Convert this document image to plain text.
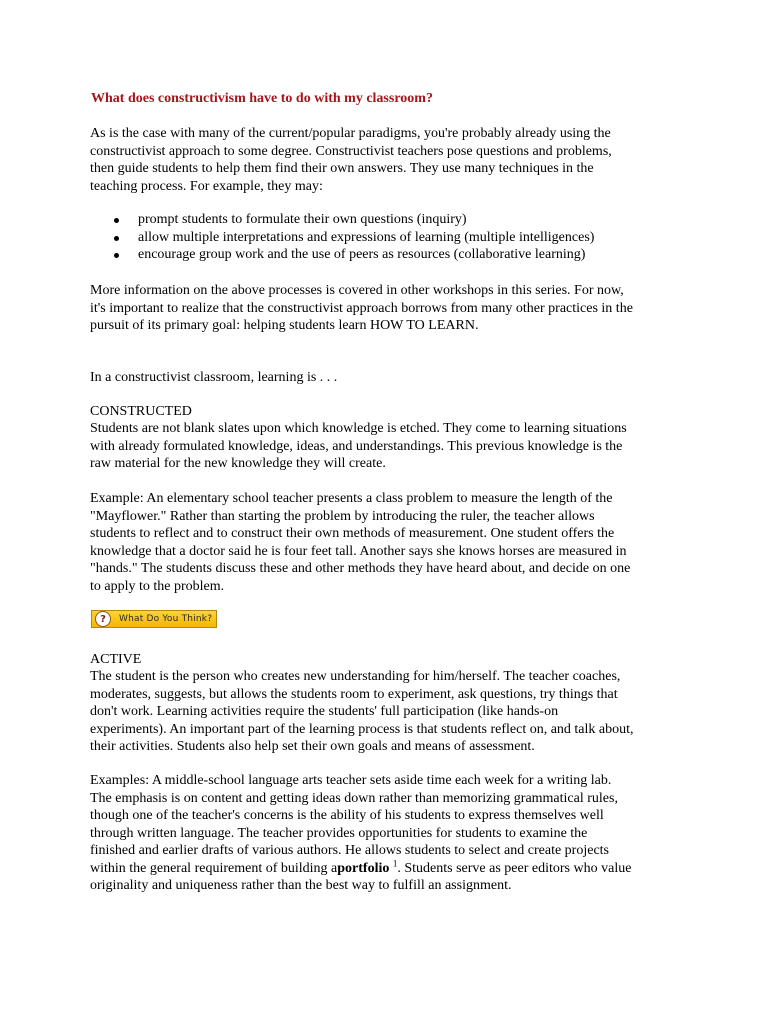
What does constructivism have to do with my classroom?

As is the case with many of the current/popular paradigms, you're probably already using the
constructivist approach to some degree. Constructivist teachers pose questions and problems,
then guide students to help them find their own answers. They use many techniques in the
teaching process. For example, they may:

prompt students to formulate their own questions (inquiry)
allow multiple interpretations and expressions of learning (multiple intelligences)
encourage group work and the use of peers as resources (collaborative learning)

More information on the above processes is covered in other workshops in this series. For now,
it's important to realize that the constructivist approach borrows from many other practices in the
pursuit of its primary goal: helping students learn HOW TO LEARN.

In a constructivist classroom, learning is . . .

CONSTRUCTED

Students are not blank slates upon which knowledge is etched. They come to learning situations
with already formulated knowledge, ideas, and understandings. This previous knowledge is the
raw material for the new knowledge they will create.

Example: An elementary school teacher presents a class problem to measure the length of the
"Mayflower." Rather than starting the problem by introducing the ruler, the teacher allows
students to reflect and to construct their own methods of measurement. One student offers the
knowledge that a doctor said he is four feet tall. Another says she knows horses are measured in
"hands." The students discuss these and other methods they have heard about, and decide on one
to apply to the problem.

?	What Do You Think?

ACTIVE

The student is the person who creates new understanding for him/herself. The teacher coaches,
moderates, suggests, but allows the students room to experiment, ask questions, try things that
don't work. Learning activities require the students' full participation (like hands-on
experiments). An important part of the learning process is that students reflect on, and talk about,
their activities. Students also help set their own goals and means of assessment.

Examples: A middle-school language arts teacher sets aside time each week for a writing lab.
The emphasis is on content and getting ideas down rather than memorizing grammatical rules,
though one of the teacher's concerns is the ability of his students to express themselves well
through written language. The teacher provides opportunities for students to examine the
finished and earlier drafts of various authors. He allows students to select and create projects
within the general requirement of building aportfolio $^1$. Students serve as peer editors who value
originality and uniqueness rather than the best way to fulfill an assignment.
